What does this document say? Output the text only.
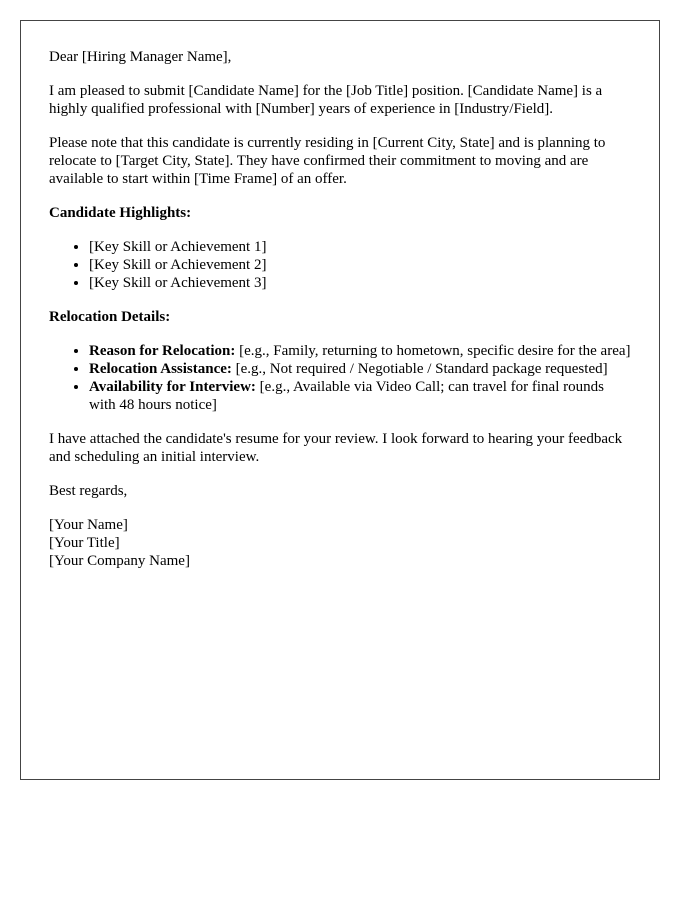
Dear [Hiring Manager Name],

I am pleased to submit [Candidate Name] for the [Job Title] position. [Candidate Name] is a highly qualified professional with [Number] years of experience in [Industry/Field].

Please note that this candidate is currently residing in [Current City, State] and is planning to relocate to [Target City, State]. They have confirmed their commitment to moving and are available to start within [Time Frame] of an offer.

Candidate Highlights:

• [Key Skill or Achievement 1]
• [Key Skill or Achievement 2]
• [Key Skill or Achievement 3]

Relocation Details:

• Reason for Relocation: [e.g., Family, returning to hometown, specific desire for the area]
• Relocation Assistance: [e.g., Not required / Negotiable / Standard package requested]
• Availability for Interview: [e.g., Available via Video Call; can travel for final rounds with 48 hours notice]

I have attached the candidate's resume for your review. I look forward to hearing your feedback and scheduling an initial interview.

Best regards,

[Your Name]
[Your Title]
[Your Company Name]
